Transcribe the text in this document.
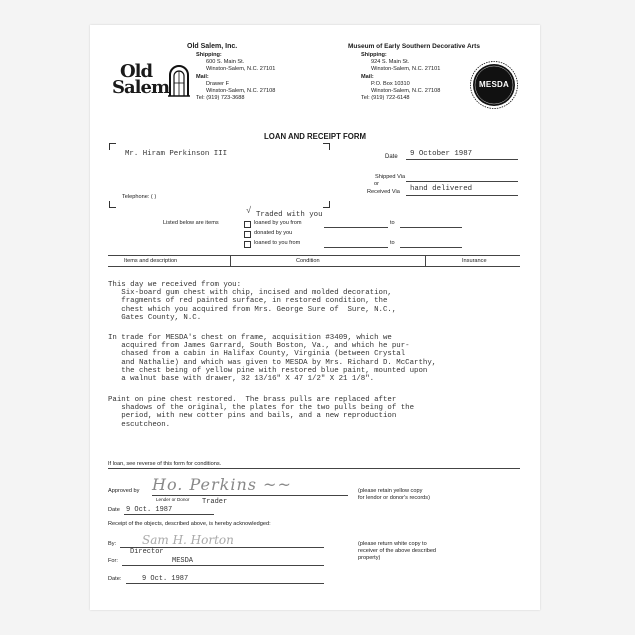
Old
Salem
Old Salem, Inc.
Shipping:
600 S. Main St.
Winston-Salem, N.C. 27101
Mail:
Drawer F
Winston-Salem, N.C. 27108
Tel: (919) 723-3688
Museum of Early Southern Decorative Arts
Shipping:
924 S. Main St.
Winston-Salem, N.C. 27101
Mail:
P.O. Box 10310
Winston-Salem, N.C. 27108
Tel: (919) 722-6148
MESDA
LOAN AND RECEIPT FORM
Mr. Hiram Perkinson III	Date 9 October 1987
Shipped Via
or
Received Via hand delivered
Telephone: ( )
√ Traded with you
Listed below are items	loaned by you from	to
donated by you
loaned to you from	to
Items and description	Condition	Insurance
This day we received from you:
Six-board gum chest with chip, incised and molded decoration,
fragments of red painted surface, in restored condition, the
chest which you acquired from Mrs. George Sure of  Sure, N.C.,
Gates County, N.C.
In trade for MESDA's chest on frame, acquisition #3409, which we
acquired from James Garrard, South Boston, Va., and which he pur-
chased from a cabin in Halifax County, Virginia (between Crystal
and Nathalie) and which was given to MESDA by Mrs. Richard D. McCarthy,
the chest being of yellow pine with restored blue paint, mounted upon
a walnut base with drawer, 32 13/16" X 47 1/2" X 21 1/8".
Paint on pine chest restored.  The brass pulls are replaced after
shadows of the original, the plates for the two pulls being of the
period, with new cotter pins and bails, and a new reproduction
escutcheon.
If loan, see reverse of this form for conditions.
Ho. Perkins ~~
Approved by
Lender or Donor Trader
(please retain yellow copy
for lendor or donor's records)
Date 9 Oct. 1987
Receipt of the objects, described above, is hereby acknowledged:
Sam H. Horton
By:
Director
For:	MESDA
(please return white copy to
receiver of the above described
property)
Date:	9 Oct. 1987
